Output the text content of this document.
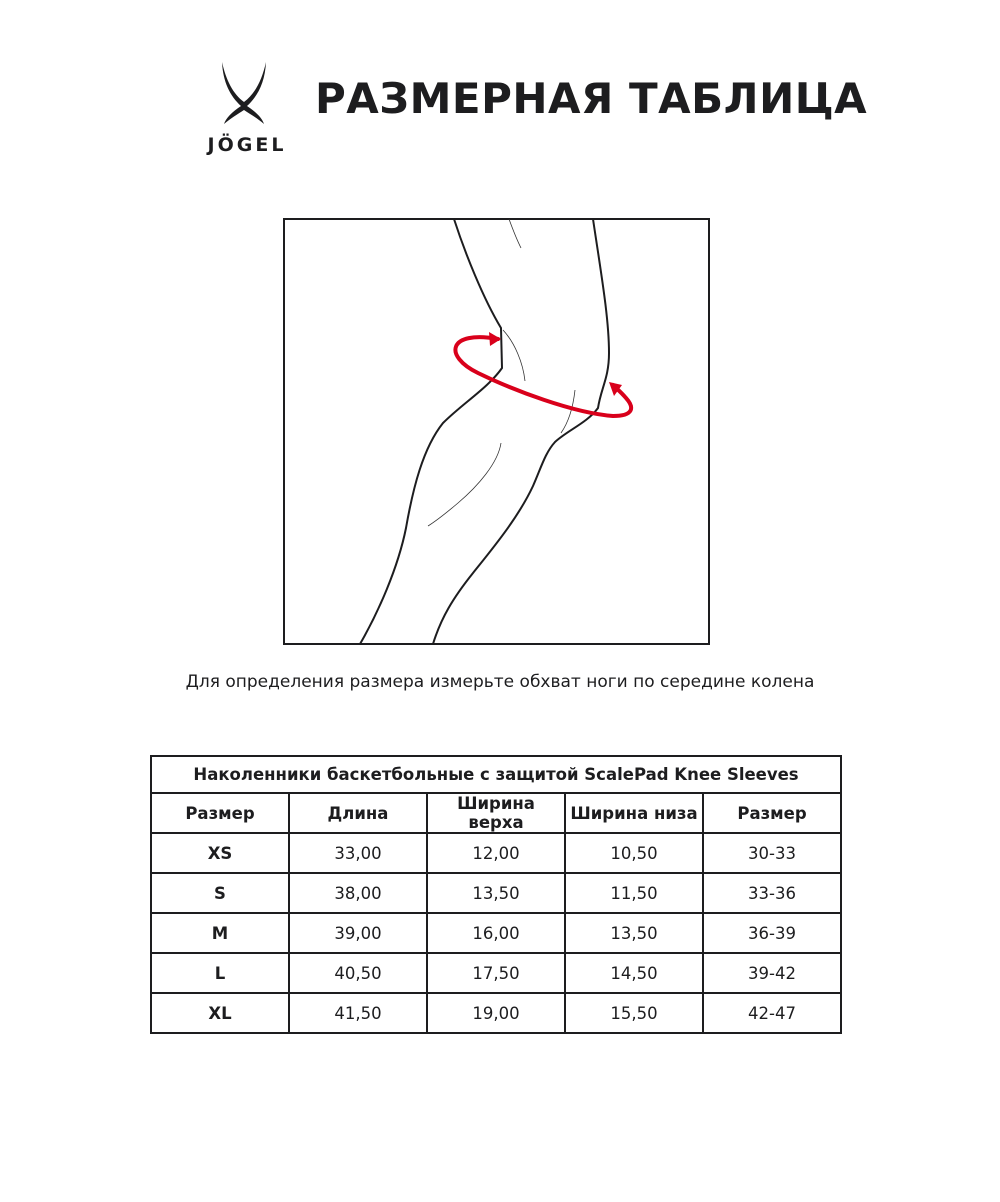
JÖGEL
РАЗМЕРНАЯ ТАБЛИЦА

Для определения размера измерьте обхват ноги по середине колена

Наколенники баскетбольные с защитой ScalePad Knee Sleeves				
Размер	Длина	Ширина верха	Ширина низа	Размер
XS	33,00	12,00	10,50	30-33
S	38,00	13,50	11,50	33-36
M	39,00	16,00	13,50	36-39
L	40,50	17,50	14,50	39-42
XL	41,50	19,00	15,50	42-47
